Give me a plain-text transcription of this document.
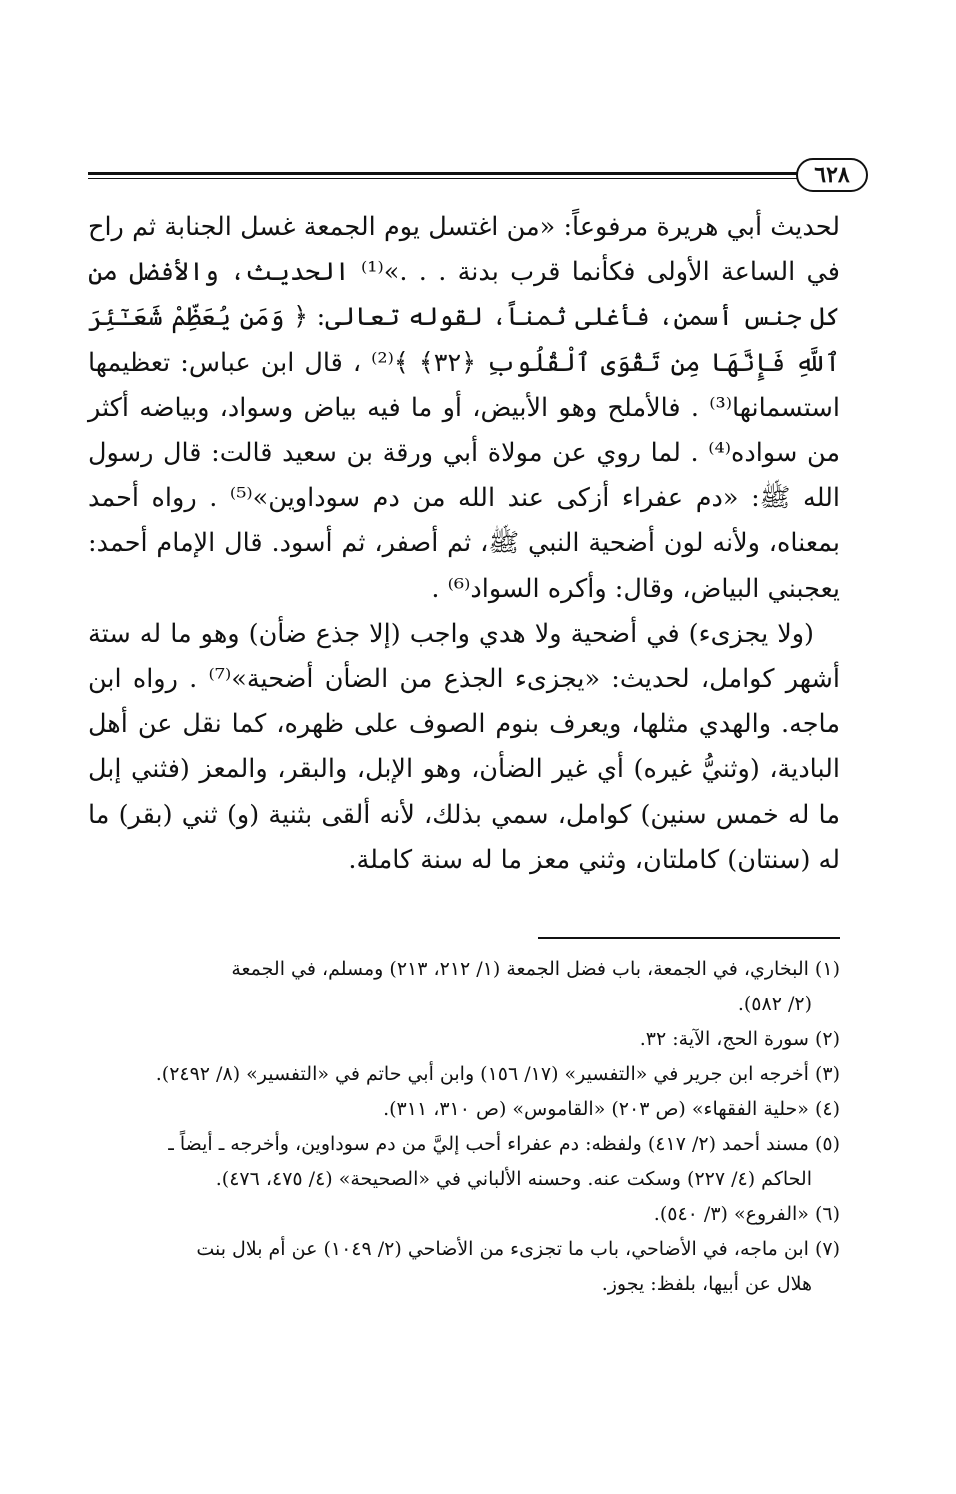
٦٢٨

لحديث أبي هريرة مرفوعاً: «من اغتسل يوم الجمعة غسل الجنابة ثم راح في الساعة الأولى فكأنما قرب بدنة . . .»⁽¹⁾ الحديث، والأفضل من كل جنس أسمن، فأغلى ثمناً، لقوله تعالى: ﴿ وَمَن يُعَظِّمْ شَعَـٰٓئِرَ ٱللَّهِ فَإِنَّهَا مِن تَقْوَى ٱلْقُلُوبِ ﴿٣٢﴾ ﴾⁽²⁾ ، قال ابن عباس: تعظيمها استسمانها⁽³⁾ . فالأملح وهو الأبيض، أو ما فيه بياض وسواد، وبياضه أكثر من سواده⁽⁴⁾ . لما روي عن مولاة أبي ورقة بن سعيد قالت: قال رسول الله ﷺ: «دم عفراء أزكى عند الله من دم سوداوين»⁽⁵⁾ . رواه أحمد بمعناه، ولأنه لون أضحية النبي ﷺ، ثم أصفر، ثم أسود. قال الإمام أحمد: يعجبني البياض، وقال: وأكره السواد⁽⁶⁾ .

(ولا يجزىء) في أضحية ولا هدي واجب (إلا جذع ضأن) وهو ما له ستة أشهر كوامل، لحديث: «يجزىء الجذع من الضأن أضحية»⁽⁷⁾ . رواه ابن ماجه. والهدي مثلها، ويعرف بنوم الصوف على ظهره، كما نقل عن أهل البادية، (وثنيُّ غيره) أي غير الضأن، وهو الإبل، والبقر، والمعز (فثني إبل ما له خمس سنين) كوامل، سمي بذلك، لأنه ألقى بثنية (و) ثني (بقر) ما له (سنتان) كاملتان، وثني معز ما له سنة كاملة.

(١) البخاري، في الجمعة، باب فضل الجمعة (١/ ٢١٢، ٢١٣) ومسلم، في الجمعة
(٢/ ٥٨٢).

(٢) سورة الحج، الآية: ٣٢.

(٣) أخرجه ابن جرير في «التفسير» (١٧/ ١٥٦) وابن أبي حاتم في «التفسير» (٨/ ٢٤٩٢).

(٤) «حلية الفقهاء» (ص ٢٠٣) «القاموس» (ص ٣١٠، ٣١١).

(٥) مسند أحمد (٢/ ٤١٧) ولفظه: دم عفراء أحب إليَّ من دم سوداوين، وأخرجه ـ أيضاً ـ
الحاكم (٤/ ٢٢٧) وسكت عنه. وحسنه الألباني في «الصحيحة» (٤/ ٤٧٥، ٤٧٦).

(٦) «الفروع» (٣/ ٥٤٠).

(٧) ابن ماجه، في الأضاحي، باب ما تجزىء من الأضاحي (٢/ ١٠٤٩) عن أم بلال بنت
هلال عن أبيها، بلفظ: يجوز.
